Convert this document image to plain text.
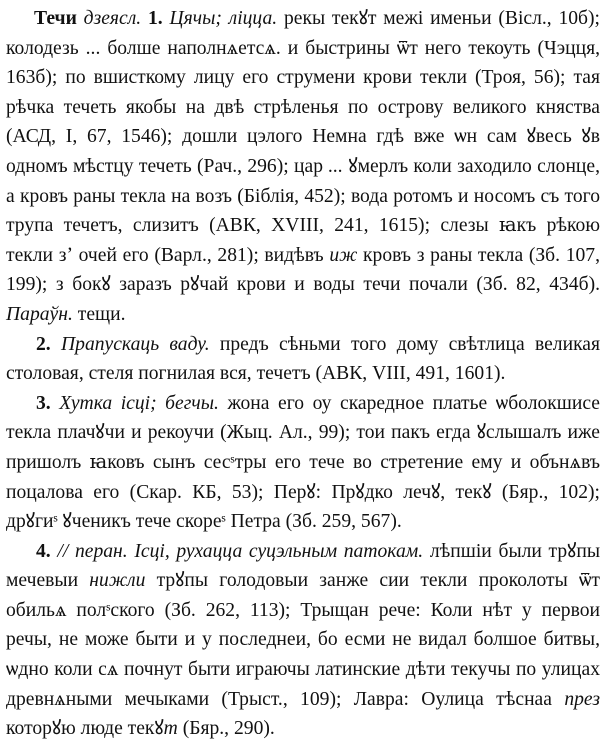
Течи дзеясл. 1. Цячы; ліцца. рекы текꙋт межі именьи (Віcл., 10б); колодезь ... болше наполнѧетсѧ. и быстрины ѿт него текоуть (Чэцця, 163б); по вшисткому лицу его струмени крови текли (Троя, 56); тая рѣчка течеть якобы на двѣ стрѣленья по острову великого княства (АСД, I, 67, 1546); дошли цэлого Немна гдѣ вже ѡн сам ꙋвесь ꙋв одномъ мѣстцу течеть (Рач., 296); цар ... ꙋмерлъ коли заходило слонце, а кровъ раны текла на возъ (Бiблія, 452); вода ротомъ и носомъ съ того трупа течетъ, слизитъ (АВК, XVIII, 241, 1615); слезы ꙗкъ рѣкою текли зʼ очей его (Варл., 281); видѣвъ иж кровъ з раны текла (Зб. 107, 199); з бокꙋ заразъ рꙋчай крови и воды течи почали (Зб. 82, 434б). Параўн. тещи.

2. Прапускаць ваду. предъ сѣньми того дому свѣтлица великая столовая, стеля погнилая вся, течетъ (АВК, VIII, 491, 1601).

3. Хутка ісці; бегчы. жона его оу скаредное платье ѡболокшисе текла плачꙋчи и рекоучи (Жыц. Ал., 99); тои пакъ егда ꙋслышалъ иже пришолъ ꙗковъ сынъ сесˢтры его тече во стретение ему и обънѧвъ поцалова его (Скар. КБ, 53); Перꙋ: Прꙋдко лечꙋ, текꙋ (Бяр., 102); дрꙋгиˢ ꙋченикъ тече скореˢ Петра (Зб. 259, 567).

4. // перан. Ісці, рухацца суцэльным патокам. лѣпшіи были трꙋпы мечевыи нижли трꙋпы голодовыи занже сии текли проколоты ѿт обильѧ полˢского (Зб. 262, 113); Трыщан рече: Коли нѣт у первои речы, не може быти и у последнеи, бо есми не видал болшое битвы, ѡдно коли сѧ почнут быти играючы латинские дѣти текучы по улицах древнѧными мечыками (Трыст., 109); Лавра: Оулица тѣснаа през которꙋю люде текꙋт (Бяр., 290).
